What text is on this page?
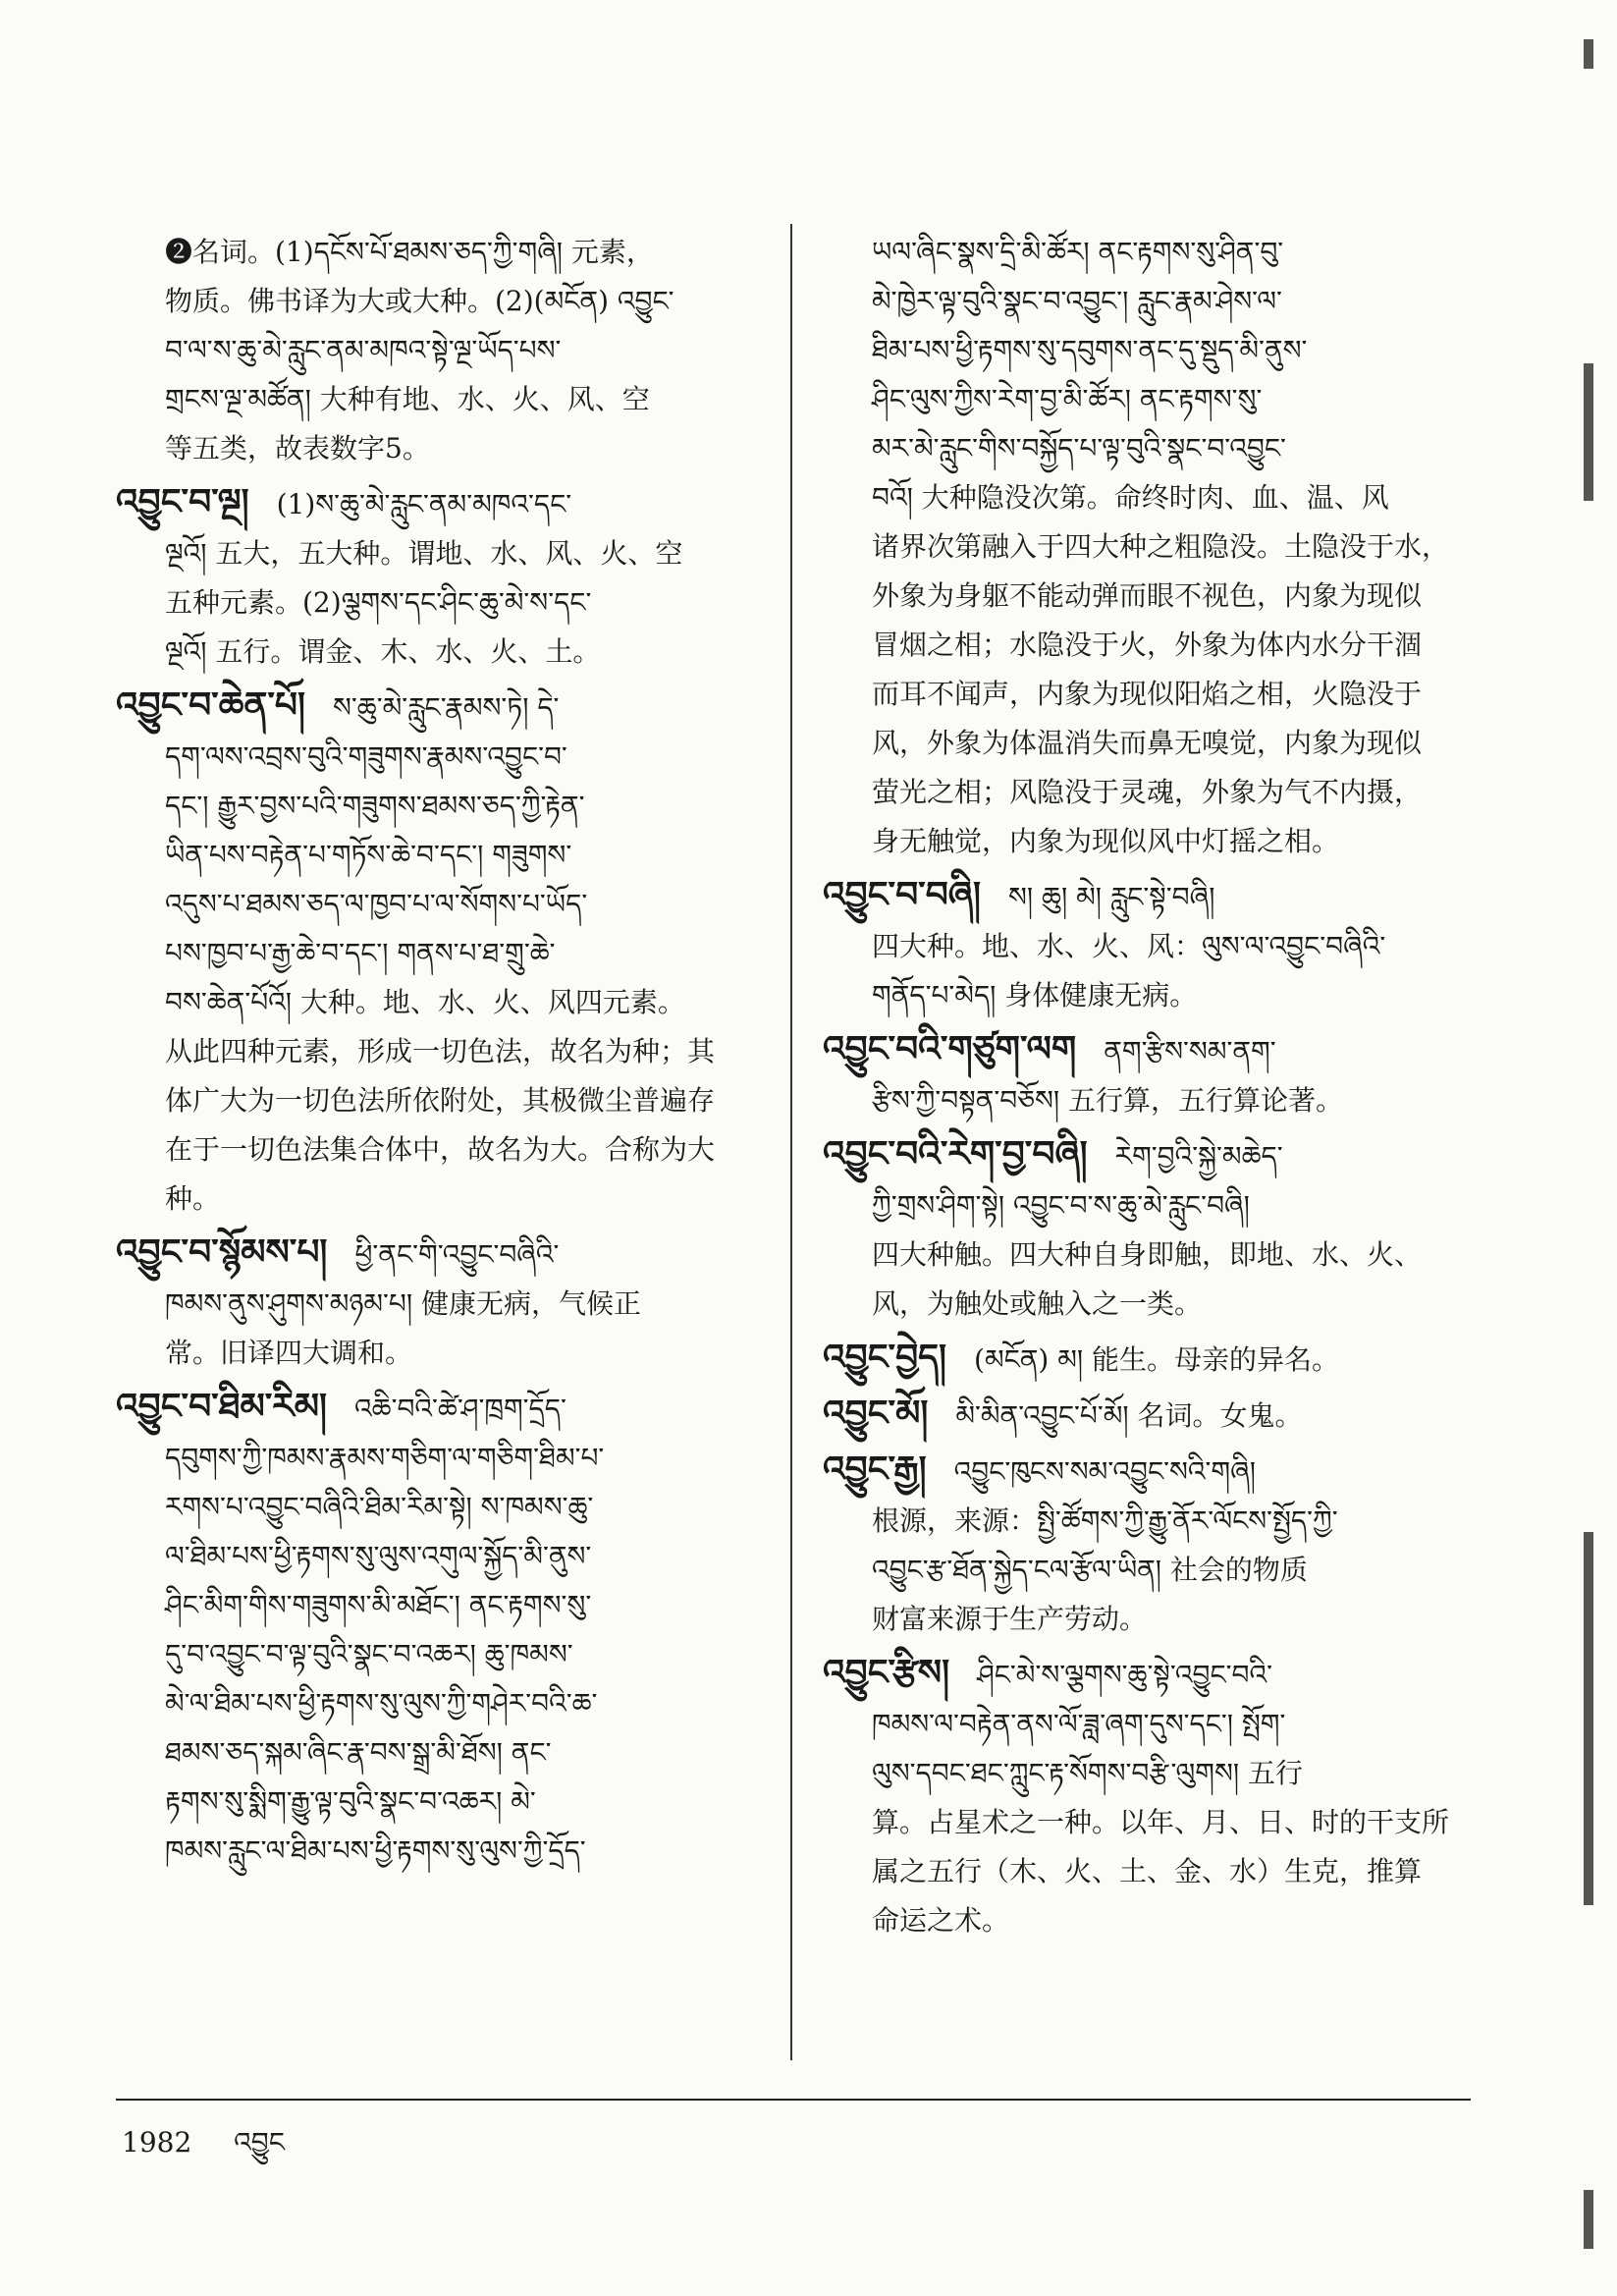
❷名词。(1)དངོས་པོ་ཐམས་ཅད་ཀྱི་གཞི། 元素，
物质。佛书译为大或大种。(2)(མངོན) འབྱུང་
བ་ལ་ས་ཆུ་མེ་རླུང་ནམ་མཁའ་སྟེ་ལྔ་ཡོད་པས་
གྲངས་ལྔ་མཚོན། 大种有地、水、火、风、空
等五类，故表数字5。
འབྱུང་བ་ལྔ།  (1)ས་ཆུ་མེ་རླུང་ནམ་མཁའ་དང་
ལྔའོ། 五大，五大种。谓地、水、风、火、空
五种元素。(2)ལྕགས་དང་ཤིང་ཆུ་མེ་ས་དང་
ལྔའོ། 五行。谓金、木、水、火、土。
འབྱུང་བ་ཆེན་པོ།  ས་ཆུ་མེ་རླུང་རྣམས་ཏེ། དེ་
དག་ལས་འབྲས་བུའི་གཟུགས་རྣམས་འབྱུང་བ་
དང་། རྒྱུར་བྱས་པའི་གཟུགས་ཐམས་ཅད་ཀྱི་རྟེན་
ཡིན་པས་བརྟེན་པ་གཏོས་ཆེ་བ་དང་། གཟུགས་
འདུས་པ་ཐམས་ཅད་ལ་ཁྱབ་པ་ལ་སོགས་པ་ཡོད་
པས་ཁྱབ་པ་རྒྱ་ཆེ་བ་དང་། གནས་པ་ཐ་གྲུ་ཆེ་
བས་ཆེན་པོའོ། 大种。地、水、火、风四元素。
从此四种元素，形成一切色法，故名为种；其
体广大为一切色法所依附处，其极微尘普遍存
在于一切色法集合体中，故名为大。合称为大种。
འབྱུང་བ་སྙོམས་པ།  ཕྱི་ནང་གི་འབྱུང་བཞིའི་
ཁམས་ནུས་ཤུགས་མཉམ་པ། 健康无病，气候正
常。旧译四大调和。
འབྱུང་བ་ཐིམ་རིམ།  འཆི་བའི་ཚེ་ཤ་ཁྲག་དྲོད་
དབུགས་ཀྱི་ཁམས་རྣམས་གཅིག་ལ་གཅིག་ཐིམ་པ་
རགས་པ་འབྱུང་བཞིའི་ཐིམ་རིམ་སྟེ། ས་ཁམས་ཆུ་
ལ་ཐིམ་པས་ཕྱི་རྟགས་སུ་ལུས་འགུལ་སྐྱོད་མི་ནུས་
ཤིང་མིག་གིས་གཟུགས་མི་མཐོང་། ནང་རྟགས་སུ་
དུ་བ་འབྱུང་བ་ལྟ་བུའི་སྣང་བ་འཆར། ཆུ་ཁམས་
མེ་ལ་ཐིམ་པས་ཕྱི་རྟགས་སུ་ལུས་ཀྱི་གཤེར་བའི་ཆ་
ཐམས་ཅད་སྐམ་ཞིང་རྣ་བས་སྒྲ་མི་ཐོས། ནང་
རྟགས་སུ་སྨིག་རྒྱུ་ལྟ་བུའི་སྣང་བ་འཆར། མེ་
ཁམས་རླུང་ལ་ཐིམ་པས་ཕྱི་རྟགས་སུ་ལུས་ཀྱི་དྲོད་
ཡལ་ཞིང་སྣས་དྲི་མི་ཚོར། ནང་རྟགས་སུ་ཤིན་བུ་
མེ་ཁྱེར་ལྟ་བུའི་སྣང་བ་འབྱུང་། རླུང་རྣམ་ཤེས་ལ་
ཐིམ་པས་ཕྱི་རྟགས་སུ་དབུགས་ནང་དུ་སྡུད་མི་ནུས་
ཤིང་ལུས་ཀྱིས་རེག་བྱ་མི་ཚོར། ནང་རྟགས་སུ་
མར་མེ་རླུང་གིས་བསྐྱོད་པ་ལྟ་བུའི་སྣང་བ་འབྱུང་
བའོ། 大种隐没次第。命终时肉、血、温、风
诸界次第融入于四大种之粗隐没。土隐没于水，
外象为身躯不能动弹而眼不视色，内象为现似
冒烟之相；水隐没于火，外象为体内水分干涸
而耳不闻声，内象为现似阳焰之相，火隐没于
风，外象为体温消失而鼻无嗅觉，内象为现似
萤光之相；风隐没于灵魂，外象为气不内摄，
身无触觉，内象为现似风中灯摇之相。
འབྱུང་བ་བཞི།  ས། ཆུ། མེ། རླུང་སྟེ་བཞི།
四大种。地、水、火、风：ལུས་ལ་འབྱུང་བཞིའི་
གནོད་པ་མེད། 身体健康无病。
འབྱུང་བའི་གཙུག་ལག  ནག་རྩིས་སམ་ནག་
རྩིས་ཀྱི་བསྟན་བཅོས། 五行算，五行算论著。
འབྱུང་བའི་རེག་བྱ་བཞི།  རེག་བྱའི་སྐྱེ་མཆེད་
ཀྱི་གྲས་ཤིག་སྟེ། འབྱུང་བ་ས་ཆུ་མེ་རླུང་བཞི།
四大种触。四大种自身即触，即地、水、火、
风，为触处或触入之一类。
འབྱུང་བྱེད།  (མངོན) མ། 能生。母亲的异名。
འབྱུང་མོ།  མི་མིན་འབྱུང་པོ་མོ། 名词。女鬼。
འབྱུང་རྒྱ།  འབྱུང་ཁུངས་སམ་འབྱུང་སའི་གཞི།
根源，来源：སྤྱི་ཚོགས་ཀྱི་རྒྱུ་ནོར་ལོངས་སྤྱོད་ཀྱི་
འབྱུང་རྩ་ཐོན་སྐྱེད་ངལ་རྩོལ་ཡིན། 社会的物质
财富来源于生产劳动。
འབྱུང་རྩིས།  ཤིང་མེ་ས་ལྕགས་ཆུ་སྟེ་འབྱུང་བའི་
ཁམས་ལ་བརྟེན་ནས་ལོ་ཟླ་ཞག་དུས་དང་། སྤོག་
ལུས་དབང་ཐང་ཀླུང་རྟ་སོགས་བརྩི་ལུགས། 五行
算。占星术之一种。以年、月、日、时的干支所
属之五行（木、火、土、金、水）生克，推算
命运之术。
1982 འབྱུང
